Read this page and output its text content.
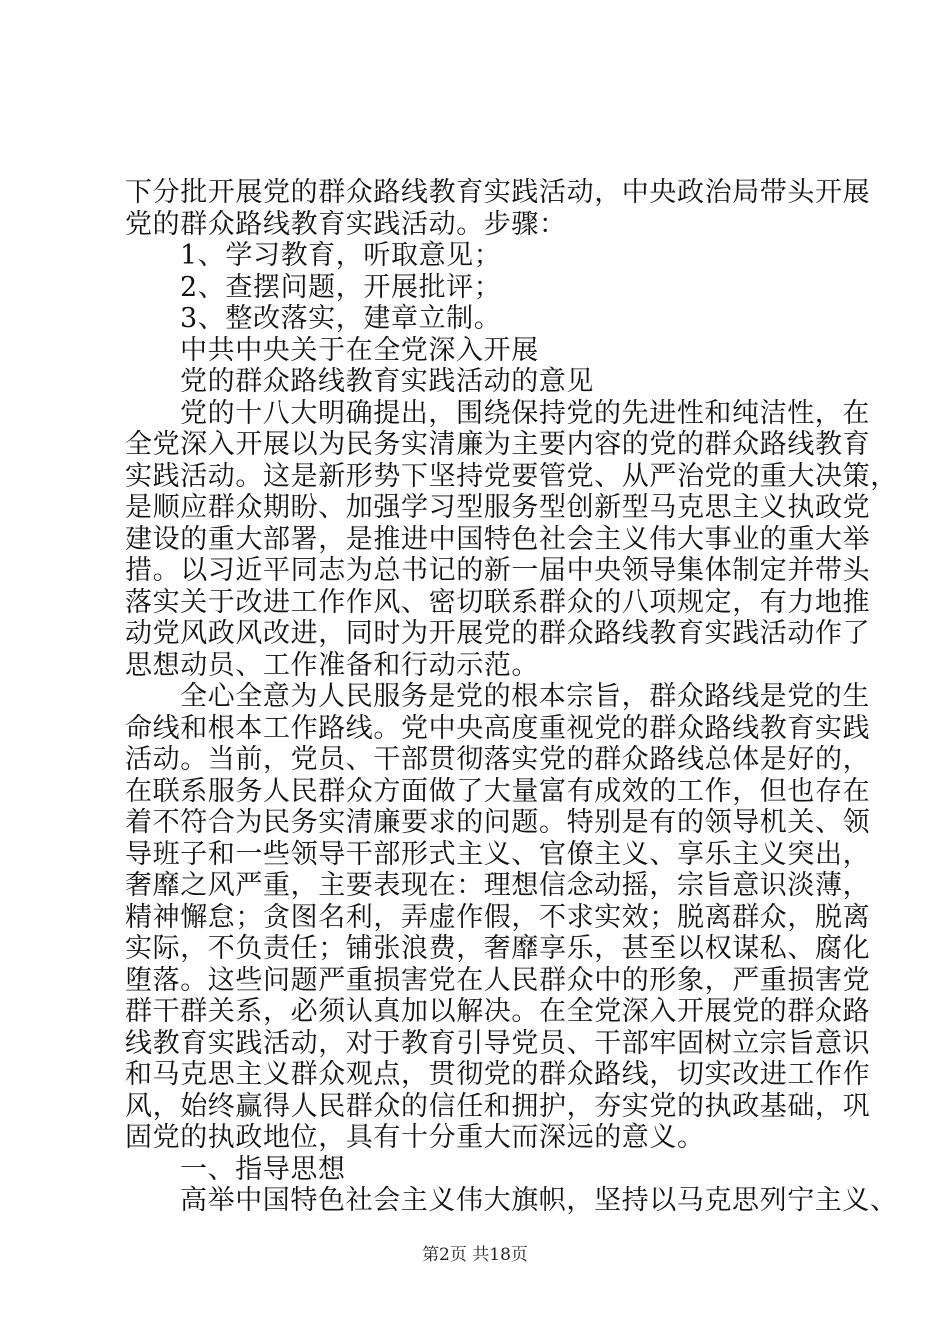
下分批开展党的群众路线教育实践活动，中央政治局带头开展
党的群众路线教育实践活动。步骤：
1、学习教育，听取意见；
2、查摆问题，开展批评；
3、整改落实，建章立制。
中共中央关于在全党深入开展
党的群众路线教育实践活动的意见
党的十八大明确提出，围绕保持党的先进性和纯洁性，在
全党深入开展以为民务实清廉为主要内容的党的群众路线教育
实践活动。这是新形势下坚持党要管党、从严治党的重大决策，
是顺应群众期盼、加强学习型服务型创新型马克思主义执政党
建设的重大部署，是推进中国特色社会主义伟大事业的重大举
措。以习近平同志为总书记的新一届中央领导集体制定并带头
落实关于改进工作作风、密切联系群众的八项规定，有力地推
动党风政风改进，同时为开展党的群众路线教育实践活动作了
思想动员、工作准备和行动示范。
全心全意为人民服务是党的根本宗旨，群众路线是党的生
命线和根本工作路线。党中央高度重视党的群众路线教育实践
活动。当前，党员、干部贯彻落实党的群众路线总体是好的，
在联系服务人民群众方面做了大量富有成效的工作，但也存在
着不符合为民务实清廉要求的问题。特别是有的领导机关、领
导班子和一些领导干部形式主义、官僚主义、享乐主义突出，
奢靡之风严重，主要表现在：理想信念动摇，宗旨意识淡薄，
精神懈怠；贪图名利，弄虚作假，不求实效；脱离群众，脱离
实际，不负责任；铺张浪费，奢靡享乐，甚至以权谋私、腐化
堕落。这些问题严重损害党在人民群众中的形象，严重损害党
群干群关系，必须认真加以解决。在全党深入开展党的群众路
线教育实践活动，对于教育引导党员、干部牢固树立宗旨意识
和马克思主义群众观点，贯彻党的群众路线，切实改进工作作
风，始终赢得人民群众的信任和拥护，夯实党的执政基础，巩
固党的执政地位，具有十分重大而深远的意义。
一、指导思想
高举中国特色社会主义伟大旗帜，坚持以马克思列宁主义、
第2页 共18页
